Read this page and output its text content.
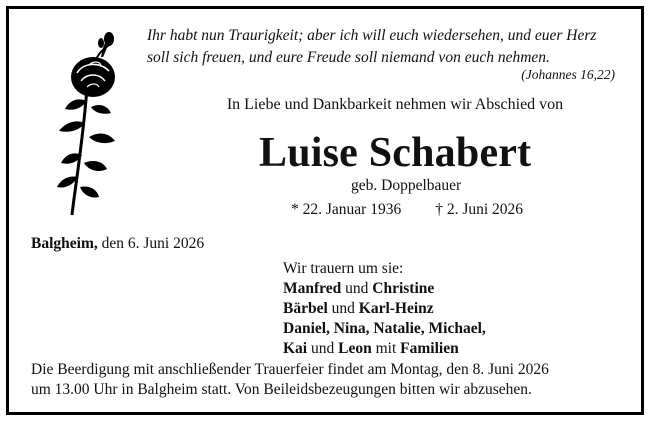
Ihr habt nun Traurigkeit; aber ich will euch wiedersehen, und euer Herz
soll sich freuen, und eure Freude soll niemand von euch nehmen.
(Johannes 16,22)
In Liebe und Dankbarkeit nehmen wir Abschied von
Luise Schabert
geb. Doppelbauer
* 22. Januar 1936 † 2. Juni 2026
Balgheim, den 6. Juni 2026
Wir trauern um sie:
Manfred und Christine
Bärbel und Karl-Heinz
Daniel, Nina, Natalie, Michael,
Kai und Leon mit Familien
Die Beerdigung mit anschließender Trauerfeier findet am Montag, den 8. Juni 2026
um 13.00 Uhr in Balgheim statt. Von Beileidsbezeugungen bitten wir abzusehen.
